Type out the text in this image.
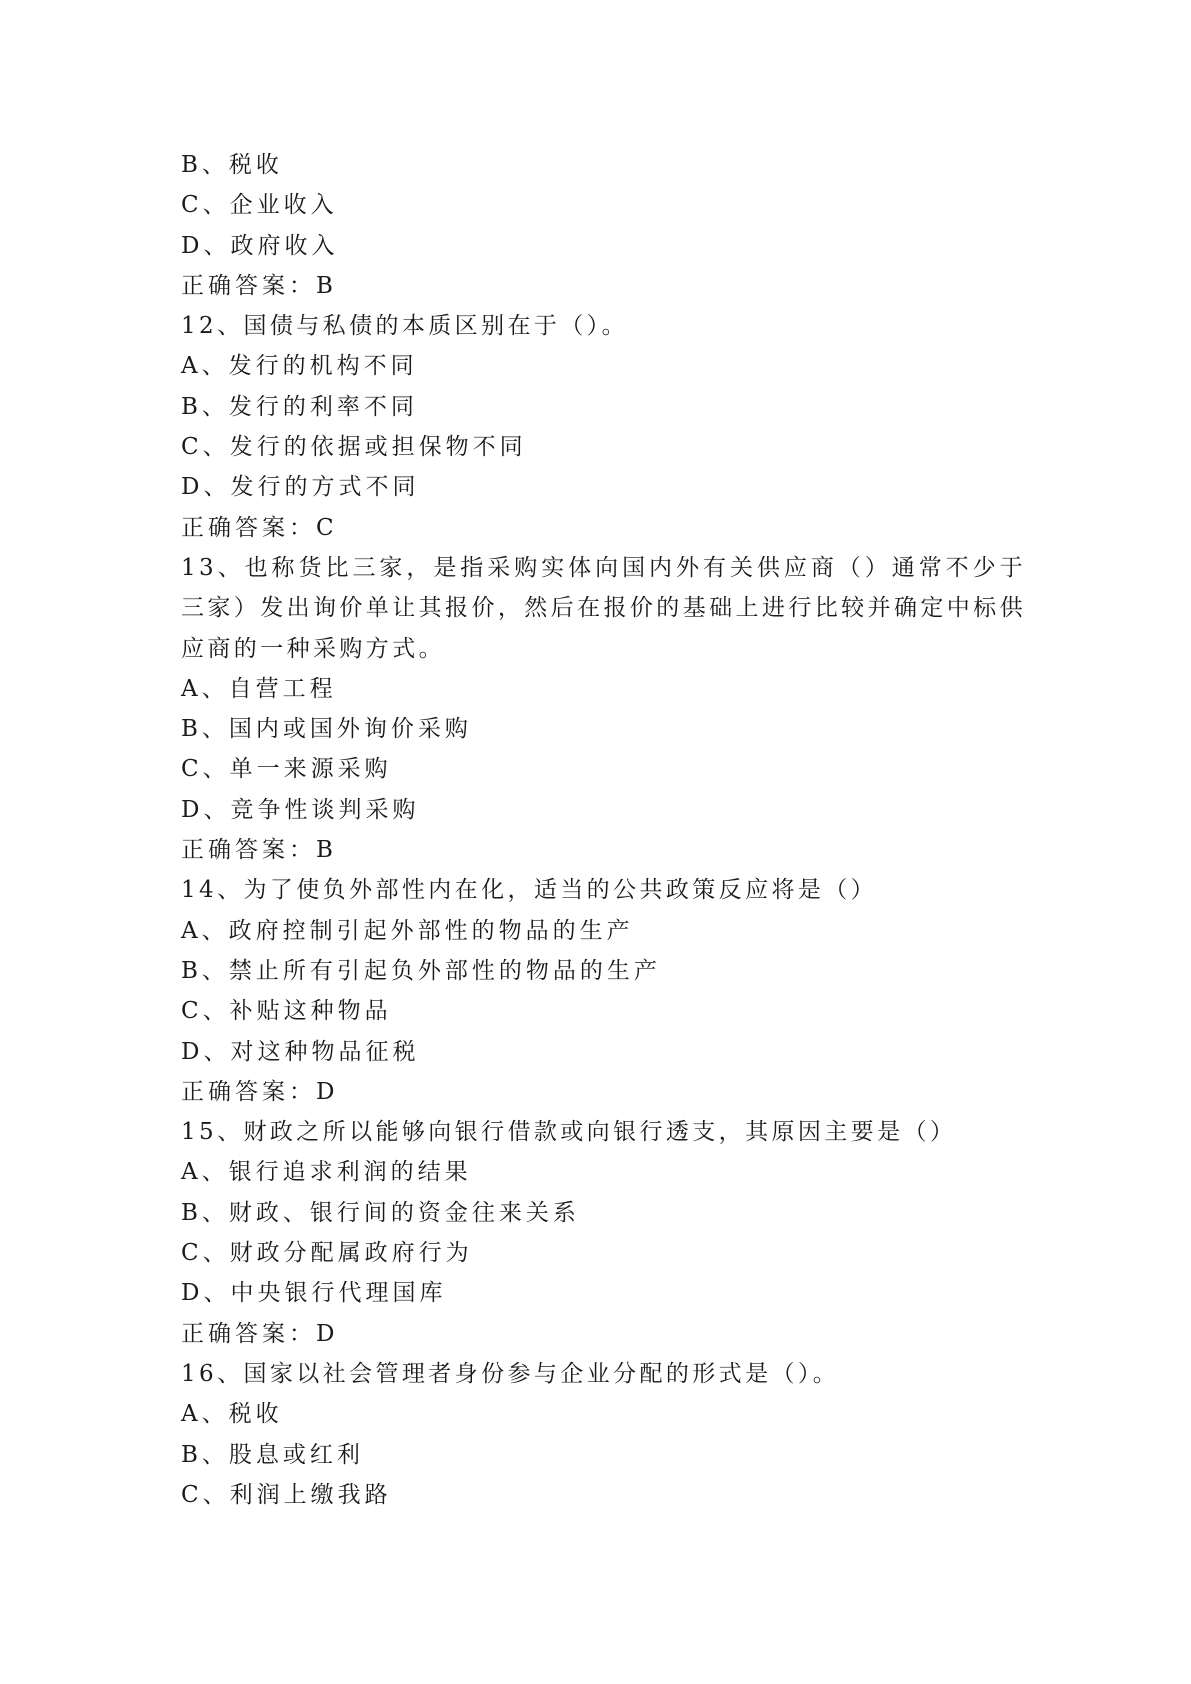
B、税收
C、企业收入
D、政府收入
正确答案：B
12、国债与私债的本质区别在于（）。
A、发行的机构不同
B、发行的利率不同
C、发行的依据或担保物不同
D、发行的方式不同
正确答案：C
13、也称货比三家，是指采购实体向国内外有关供应商（）通常不少于三家）发出询价单让其报价，然后在报价的基础上进行比较并确定中标供应商的一种采购方式。
A、自营工程
B、国内或国外询价采购
C、单一来源采购
D、竞争性谈判采购
正确答案：B
14、为了使负外部性内在化，适当的公共政策反应将是（）
A、政府控制引起外部性的物品的生产
B、禁止所有引起负外部性的物品的生产
C、补贴这种物品
D、对这种物品征税
正确答案：D
15、财政之所以能够向银行借款或向银行透支，其原因主要是（）
A、银行追求利润的结果
B、财政、银行间的资金往来关系
C、财政分配属政府行为
D、中央银行代理国库
正确答案：D
16、国家以社会管理者身份参与企业分配的形式是（）。
A、税收
B、股息或红利
C、利润上缴我路
